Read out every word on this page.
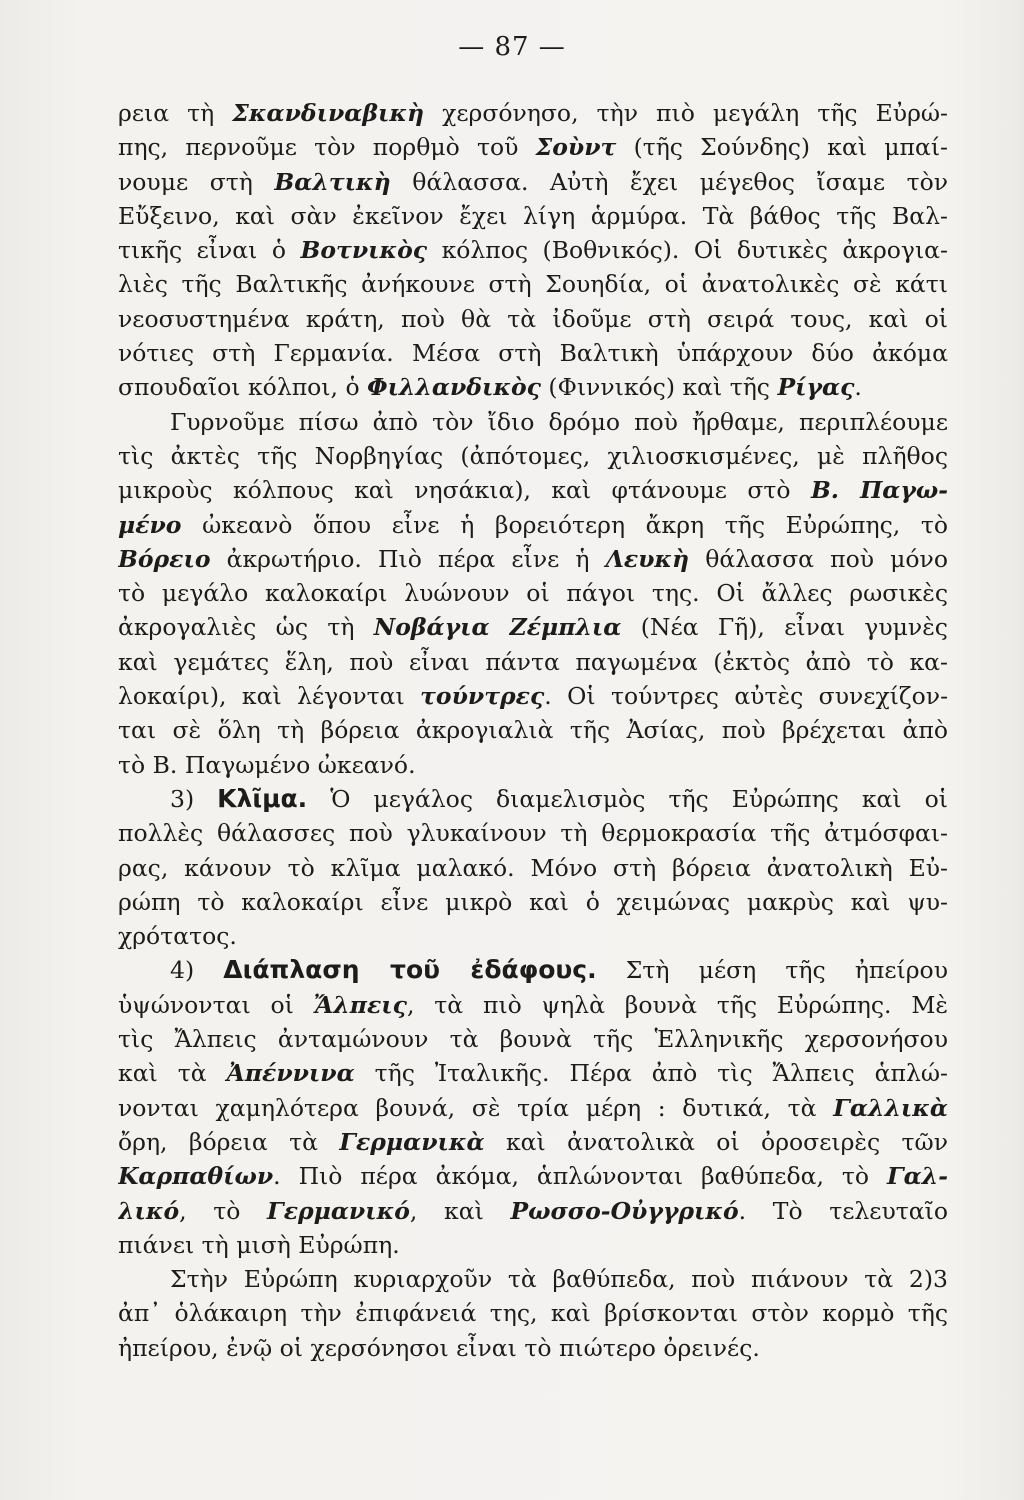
— 87 —
ρεια τὴ Σκανδιναβικὴ χερσόνησο, τὴν πιὸ μεγάλη τῆς Εὐρώ-
πης, περνοῦμε τὸν πορθμὸ τοῦ Σοὺντ (τῆς Σούνδης) καὶ μπαί-
νουμε στὴ Βαλτικὴ θάλασσα. Αὐτὴ ἔχει μέγεθος ἴσαμε τὸν
Εὔξεινο, καὶ σὰν ἐκεῖνον ἔχει λίγη ἁρμύρα. Τὰ βάθος τῆς Βαλ-
τικῆς εἶναι ὁ Βοτνικὸς κόλπος (Βοθνικός). Οἱ δυτικὲς ἀκρογια-
λιὲς τῆς Βαλτικῆς ἀνήκουνε στὴ Σουηδία, οἱ ἀνατολικὲς σὲ κάτι
νεοσυστημένα κράτη, ποὺ θὰ τὰ ἰδοῦμε στὴ σειρά τους, καὶ οἱ
νότιες στὴ Γερμανία. Μέσα στὴ Βαλτικὴ ὑπάρχουν δύο ἀκόμα
σπουδαῖοι κόλποι, ὁ Φιλλανδικὸς (Φιννικός) καὶ τῆς Ρίγας.
Γυρνοῦμε πίσω ἀπὸ τὸν ἴδιο δρόμο ποὺ ἤρθαμε, περιπλέουμε
τὶς ἀκτὲς τῆς Νορβηγίας (ἀπότομες, χιλιοσκισμένες, μὲ πλῆθος
μικροὺς κόλπους καὶ νησάκια), καὶ φτάνουμε στὸ Β. Παγω-
μένο ὠκεανὸ ὅπου εἶνε ἡ βορειότερη ἄκρη τῆς Εὐρώπης, τὸ
Βόρειο ἀκρωτήριο. Πιὸ πέρα εἶνε ἡ Λευκὴ θάλασσα ποὺ μόνο
τὸ μεγάλο καλοκαίρι λυώνουν οἱ πάγοι της. Οἱ ἄλλες ρωσικὲς
ἀκρογαλιὲς ὡς τὴ Νοβάγια Ζέμπλια (Νέα Γῆ), εἶναι γυμνὲς
καὶ γεμάτες ἕλη, ποὺ εἶναι πάντα παγωμένα (ἐκτὸς ἀπὸ τὸ κα-
λοκαίρι), καὶ λέγονται τούντρες. Οἱ τούντρες αὐτὲς συνεχίζον-
ται σὲ ὅλη τὴ βόρεια ἀκρογιαλιὰ τῆς Ἀσίας, ποὺ βρέχεται ἀπὸ
τὸ Β. Παγωμένο ὠκεανό.
3) Κλῖμα. Ὁ μεγάλος διαμελισμὸς τῆς Εὐρώπης καὶ οἱ
πολλὲς θάλασσες ποὺ γλυκαίνουν τὴ θερμοκρασία τῆς ἀτμόσφαι-
ρας, κάνουν τὸ κλῖμα μαλακό. Μόνο στὴ βόρεια ἀνατολικὴ Εὐ-
ρώπη τὸ καλοκαίρι εἶνε μικρὸ καὶ ὁ χειμώνας μακρὺς καὶ ψυ-
χρότατος.
4) Διάπλαση τοῦ ἐδάφους. Στὴ μέση τῆς ἠπείρου
ὑψώνονται οἱ Ἄλπεις, τὰ πιὸ ψηλὰ βουνὰ τῆς Εὐρώπης. Μὲ
τὶς Ἄλπεις ἀνταμώνουν τὰ βουνὰ τῆς Ἑλληνικῆς χερσονήσου
καὶ τὰ Ἀπέννινα τῆς Ἰταλικῆς. Πέρα ἀπὸ τὶς Ἄλπεις ἁπλώ-
νονται χαμηλότερα βουνά, σὲ τρία μέρη : δυτικά, τὰ Γαλλικὰ
ὄρη, βόρεια τὰ Γερμανικὰ καὶ ἀνατολικὰ οἱ ὀροσειρὲς τῶν
Καρπαθίων. Πιὸ πέρα ἀκόμα, ἁπλώνονται βαθύπεδα, τὸ Γαλ-
λικό, τὸ Γερμανικό, καὶ Ρωσσο-Οὐγγρικό. Τὸ τελευταῖο
πιάνει τὴ μισὴ Εὐρώπη.
Στὴν Εὐρώπη κυριαρχοῦν τὰ βαθύπεδα, ποὺ πιάνουν τὰ 2)3
ἀπ᾽ ὁλάκαιρη τὴν ἐπιφάνειά της, καὶ βρίσκονται στὸν κορμὸ τῆς
ἠπείρου, ἐνῷ οἱ χερσόνησοι εἶναι τὸ πιώτερο ὀρεινές.
